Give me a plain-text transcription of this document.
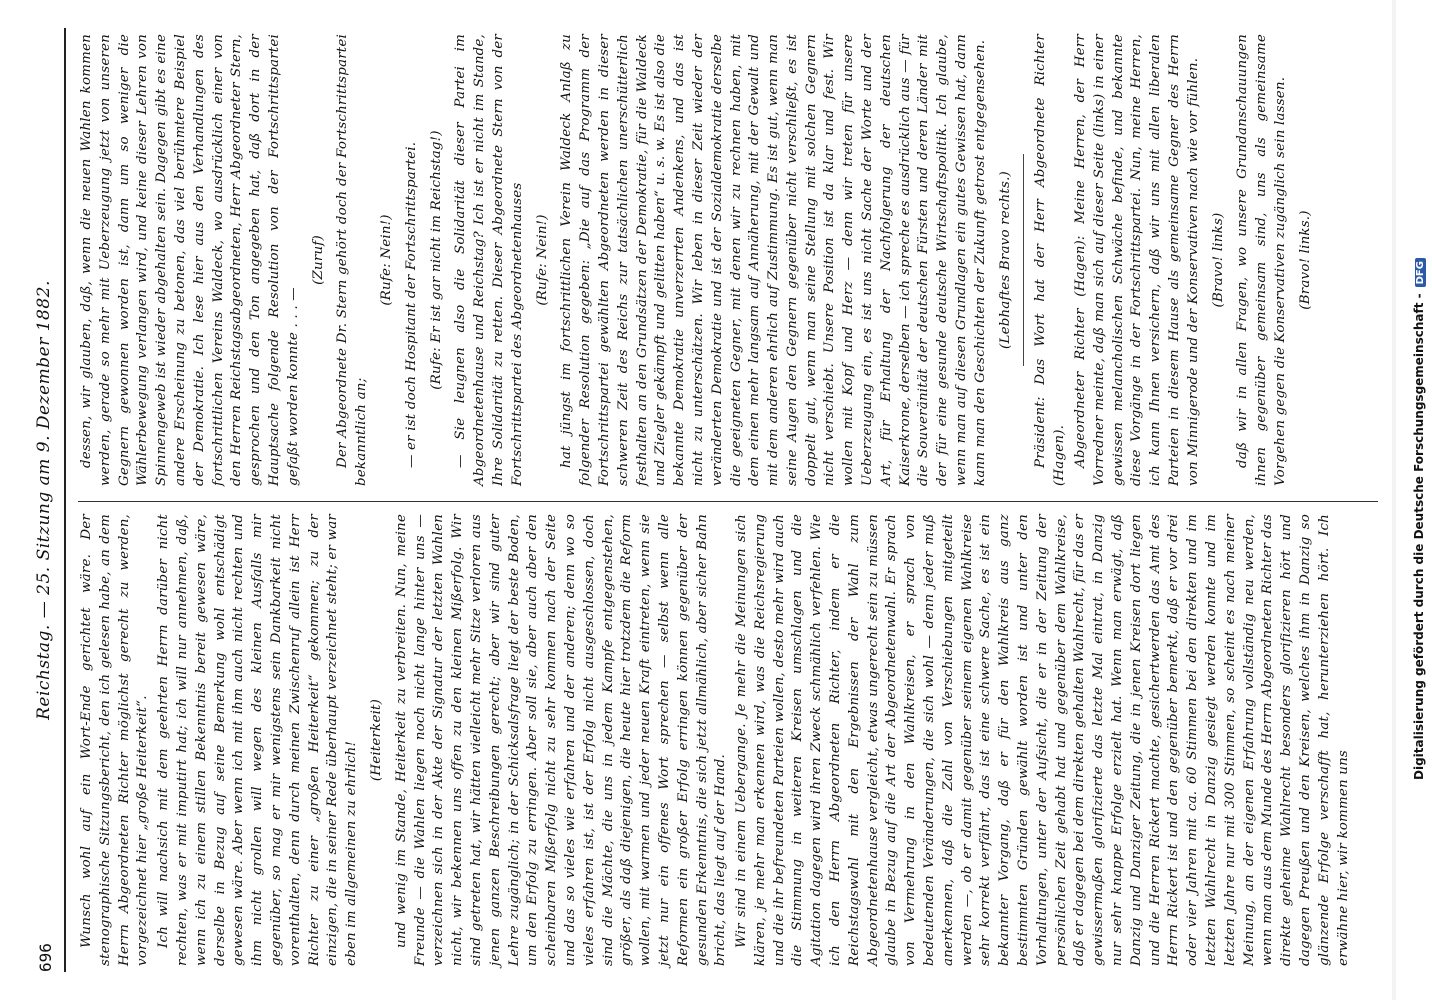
696
Reichstag. — 25. Sitzung am 9. Dezember 1882.

Wunsch wohl auf ein Wort-Ende gerichtet wäre. Der stenographische Sitzungsbericht, den ich gelesen habe, an dem Herrn Abgeordneten Richter möglichst gerecht zu werden, vorgezeichnet hier „große Heiterkeit“. Ich will nachsich mit dem geehrten Herrn darüber nicht rechten, was er mit imputirt hat; ich will nur annehmen, daß, wenn ich zu einem stillen Bekenntnis bereit gewesen wäre, derselbe in Bezug auf seine Bemerkung wohl entschädigt gewesen wäre. Aber wenn ich mit ihm auch nicht rechten und ihm nicht grollen will wegen des kleinen Ausfalls mir gegenüber, so mag er mir wenigstens sein Dankbarkeit nicht vorenthalten, denn durch meinen Zwischenruf allein ist Herr Richter zu einer „großen Heiterkeit“ gekommen; zu der einzigen, die in seiner Rede überhaupt verzeichnet steht; er war eben im allgemeinen zu ehrlich!

(Heiterkeit) und wenig im Stande, Heiterkeit zu verbreiten. Nun, meine Freunde — die Wahlen liegen noch nicht lange hinter uns — verzeichnen sich in der Akte der Signatur der letzten Wahlen nicht, wir bekennen uns offen zu den kleinen Mißerfolg. Wir sind getreten hat, wir hätten vielleicht mehr Sitze verloren aus jenen ganzen Beschreibungen gerecht; aber wir sind guter Lehre zugänglich; in der Schicksalsfrage liegt der beste Boden, um den Erfolg zu erringen. Aber soll sie, aber auch aber den scheinbaren Mißerfolg nicht zu sehr kommen nach der Seite und das so vieles wie erfahren und der anderen; denn wo so vieles erfahren ist, ist der Erfolg nicht ausgeschlossen, doch sind die Mächte, die uns in jedem Kampfe entgegenstehen, größer, als daß diejenigen, die heute hier trotzdem die Reform wollen, mit warmen und jeder neuen Kraft eintreten, wenn sie jetzt nur ein offenes Wort sprechen — selbst wenn alle Reformen ein großer Erfolg erringen können gegenüber der gesunden Erkenntnis, die sich jetzt allmählich, aber sicher Bahn bricht, das liegt auf der Hand. Wir sind in einem Uebergange. Je mehr die Meinungen sich klären, je mehr man erkennen wird, was die Reichsregierung und die ihr befreundeten Parteien wollen, desto mehr wird auch die Stimmung in weiteren Kreisen umschlagen und die Agitation dagegen wird ihren Zweck schmählich verfehlen. Wie ich den Herrn Abgeordneten Richter, indem er die Reichstagswahl mit den Ergebnissen der Wahl zum Abgeordnetenhause vergleicht, etwas ungerecht sein zu müssen glaube in Bezug auf die Art der Abgeordnetenwahl. Er sprach von Vermehrung in den Wahlkreisen, er sprach von bedeutenden Veränderungen, die sich wohl — denn jeder muß anerkennen, daß die Zahl von Verschiebungen mitgeteilt werden —, ob er damit gegenüber seinem eigenen Wahlkreise sehr korrekt verfährt, das ist eine schwere Sache, es ist ein bekannter Vorgang, daß er für den Wahlkreis aus ganz bestimmten Gründen gewählt worden ist und unter den Vorhaltungen, unter der Aufsicht, die er in der Zeitung der persönlichen Zeit gehabt hat und gegenüber dem Wahlkreise, daß er dagegen bei dem direkten gehalten Wahlrecht, für das er gewissermaßen glorifizierte das letzte Mal eintrat, in Danzig nur sehr knappe Erfolge erzielt hat. Wenn man erwägt, daß Danzig und Danziger Zeitung, die in jenen Kreisen dort liegen und die Herren Rickert machte, gesichertwerden das Amt des Herrn Rickert ist und den gegenüber bemerkt, daß er vor drei oder vier Jahren mit ca. 60 Stimmen bei den direkten und im letzten Wahlrecht in Danzig gesiegt werden konnte und im letzten Jahre nur mit 300 Stimmen, so scheint es nach meiner Meinung, an der eigenen Erfahrung vollständig neu werden, wenn man aus dem Munde des Herrn Abgeordneten Richter das direkte geheime Wahlrecht besonders glorifizieren hört und dagegen Preußen und den Kreisen, welches ihm in Danzig so glänzende Erfolge verschafft hat, herunterziehen hört. Ich erwähne hier, wir kommen uns

dessen, wir glauben, daß, wenn die neuen Wahlen kommen werden, gerade so mehr mit Ueberzeugung jetzt von unseren Gegnern gewonnen worden ist, dann um so weniger die Wählerbewegung verlangen wird, und keine dieser Lehren von Spinnengeweb ist wieder abgehalten sein. Dagegen gibt es eine andere Erscheinung zu betonen, das viel berühmtere Beispiel der Demokratie. Ich lese hier aus den Verhandlungen des fortschrittlichen Vereins Waldeck, wo ausdrücklich einer von den Herren Reichstagsabgeordneten, Herr Abgeordneter Stern, gesprochen und den Ton angegeben hat, daß dort in der Hauptsache folgende Resolution von der Fortschrittspartei gefaßt worden konnte . . . —

(Zuruf) Der Abgeordnete Dr. Stern gehört doch der Fortschrittspartei bekanntlich an;

(Rufe: Nein!) — er ist doch Hospitant der Fortschrittspartei. (Rufe: Er ist gar nicht im Reichstag!) — Sie leugnen also die Solidarität dieser Partei im Abgeordnetenhause und Reichstag? Ich ist er nicht im Stande, Ihre Solidarität zu retten. Dieser Abgeordnete Stern von der Fortschrittspartei des Abgeordnetenhauses (Rufe: Nein!) hat jüngst im fortschrittlichen Verein Waldeck Anlaß zu folgender Resolution gegeben: „Die auf das Programm der Fortschrittspartei gewählten Abgeordneten werden in dieser schweren Zeit des Reichs zur tatsächlichen unerschütterlich festhalten an den Grundsätzen der Demokratie, für die Waldeck und Ziegler gekämpft und gelitten haben“ u. s. w. Es ist also die bekannte Demokratie unverzerrten Andenkens, und das ist nicht zu unterschätzen. Wir leben in dieser Zeit wieder der veränderten Demokratie und ist der Sozialdemokratie derselbe die geeigneten Gegner, mit denen wir zu rechnen haben, mit dem einen mehr langsam auf Annäherung, mit der Gewalt und mit dem anderen ehrlich auf Zustimmung. Es ist gut, wenn man seine Augen den Gegnern gegenüber nicht verschließt, es ist doppelt gut, wenn man seine Stellung mit solchen Gegnern nicht verschiebt. Unsere Position ist da klar und fest. Wir wollen mit Kopf und Herz — denn wir treten für unsere Ueberzeugung ein, es ist uns nicht Sache der Worte und der Art, für Erhaltung der Nachfolgerung der deutschen Kaiserkrone, derselben — ich spreche es ausdrücklich aus — für die Souveränität der deutschen Fürsten und deren Länder mit der für eine gesunde deutsche Wirtschaftspolitik. Ich glaube, wenn man auf diesen Grundlagen ein gutes Gewissen hat, dann kann man den Geschichten der Zukunft getrost entgegensehen. (Lebhaftes Bravo rechts.) Präsident: Das Wort hat der Herr Abgeordnete Richter (Hagen). Abgeordneter Richter (Hagen): Meine Herren, der Herr Vorredner meinte, daß man sich auf dieser Seite (links) in einer gewissen melancholischen Schwäche befinde, und bekannte diese Vorgänge in der Fortschrittspartei. Nun, meine Herren, ich kann Ihnen versichern, daß wir uns mit allen liberalen Parteien in diesem Hause als gemeinsame Gegner des Herrn von Minnigerode und der Konservativen nach wie vor fühlen. (Bravo! links) daß wir in allen Fragen, wo unsere Grundanschauungen ihnen gegenüber gemeinsam sind, uns als gemeinsame Vorgehen gegen die Konservativen zugänglich sein lassen. (Bravo! links.)

Digitalisierung gefördert durch die Deutsche Forschungsgemeinschaft -DFG
